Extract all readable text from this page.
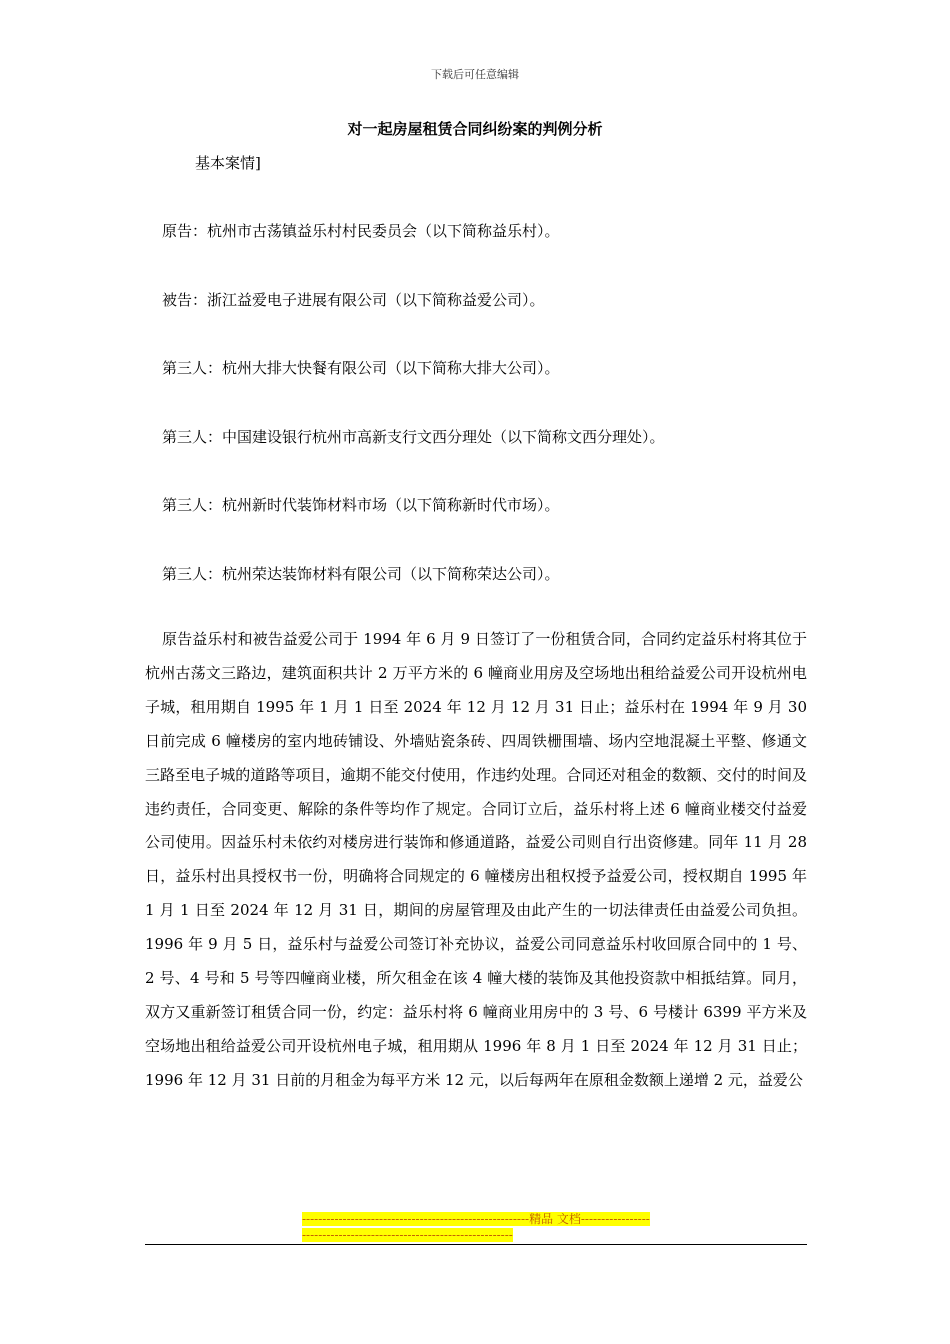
下载后可任意编辑
对一起房屋租赁合同纠纷案的判例分析
基本案情]
原告：杭州市古荡镇益乐村村民委员会（以下简称益乐村）。
被告：浙江益爱电子进展有限公司（以下简称益爱公司）。
第三人：杭州大排大快餐有限公司（以下简称大排大公司）。
第三人：中国建设银行杭州市高新支行文西分理处（以下简称文西分理处）。
第三人：杭州新时代装饰材料市场（以下简称新时代市场）。
第三人：杭州荣达装饰材料有限公司（以下简称荣达公司）。
原告益乐村和被告益爱公司于 1994 年 6 月 9 日签订了一份租赁合同，合同约定益乐村将其位于杭州古荡文三路边，建筑面积共计 2 万平方米的 6 幢商业用房及空场地出租给益爱公司开设杭州电子城，租用期自 1995 年 1 月 1 日至 2024 年 12 月 12 月 31 日止；益乐村在 1994 年 9 月 30 日前完成 6 幢楼房的室内地砖铺设、外墙贴瓷条砖、四周铁栅围墙、场内空地混凝土平整、修通文三路至电子城的道路等项目，逾期不能交付使用，作违约处理。合同还对租金的数额、交付的时间及违约责任，合同变更、解除的条件等均作了规定。合同订立后，益乐村将上述 6 幢商业楼交付益爱公司使用。因益乐村未依约对楼房进行装饰和修通道路，益爱公司则自行出资修建。同年 11 月 28 日，益乐村出具授权书一份，明确将合同规定的 6 幢楼房出租权授予益爱公司，授权期自 1995 年 1 月 1 日至 2024 年 12 月 31 日，期间的房屋管理及由此产生的一切法律责任由益爱公司负担。1996 年 9 月 5 日，益乐村与益爱公司签订补充协议，益爱公司同意益乐村收回原合同中的 1 号、2 号、4 号和 5 号等四幢商业楼，所欠租金在该 4 幢大楼的装饰及其他投资款中相抵结算。同月，双方又重新签订租赁合同一份，约定：益乐村将 6 幢商业用房中的 3 号、6 号楼计 6399 平方米及空场地出租给益爱公司开设杭州电子城，租用期从 1996 年 8 月 1 日至 2024 年 12 月 31 日止；1996 年 12 月 31 日前的月租金为每平方米 12 元，以后每两年在原租金数额上递增 2 元，益爱公
--------------------------------------------------------精品 文档---------------------------------------------------------------------
